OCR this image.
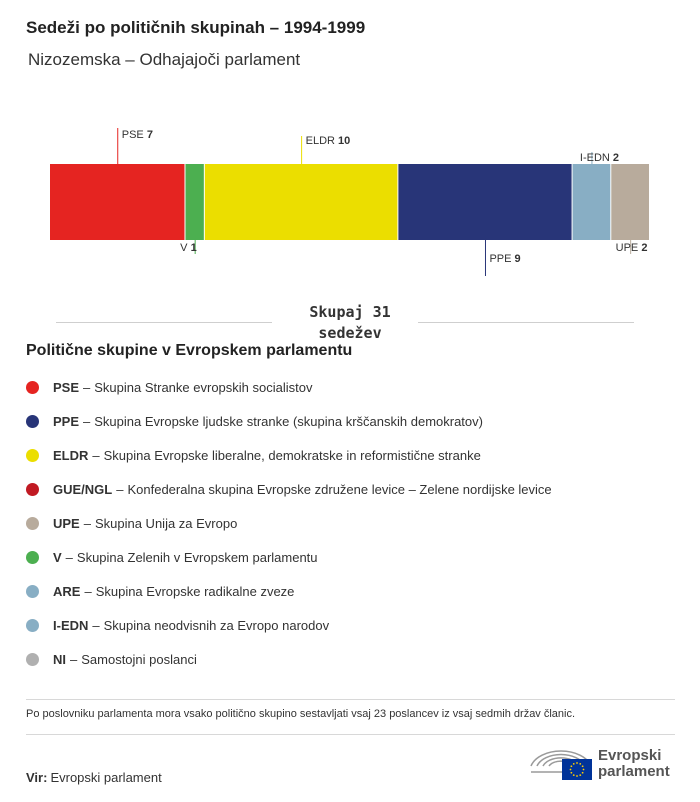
Sedeži po političnih skupinah – 1994-1999
Nizozemska – Odhajajoči parlament
PSE 7
V 1
ELDR 10
PPE 9
I-EDN 2
UPE 2
Skupaj 31
sedežev
Politične skupine v Evropskem parlamentu
PSE – Skupina Stranke evropskih socialistov
PPE – Skupina Evropske ljudske stranke (skupina krščanskih demokratov)
ELDR – Skupina Evropske liberalne, demokratske in reformistične stranke
GUE/NGL – Konfederalna skupina Evropske združene levice – Zelene nordijske levice
UPE – Skupina Unija za Evropo
V – Skupina Zelenih v Evropskem parlamentu
ARE – Skupina Evropske radikalne zveze
I-EDN – Skupina neodvisnih za Evropo narodov
NI – Samostojni poslanci
Po poslovniku parlamenta mora vsako politično skupino sestavljati vsaj 23 poslancev iz vsaj sedmih držav članic.
Vir: Evropski parlament
Evropski
parlament
